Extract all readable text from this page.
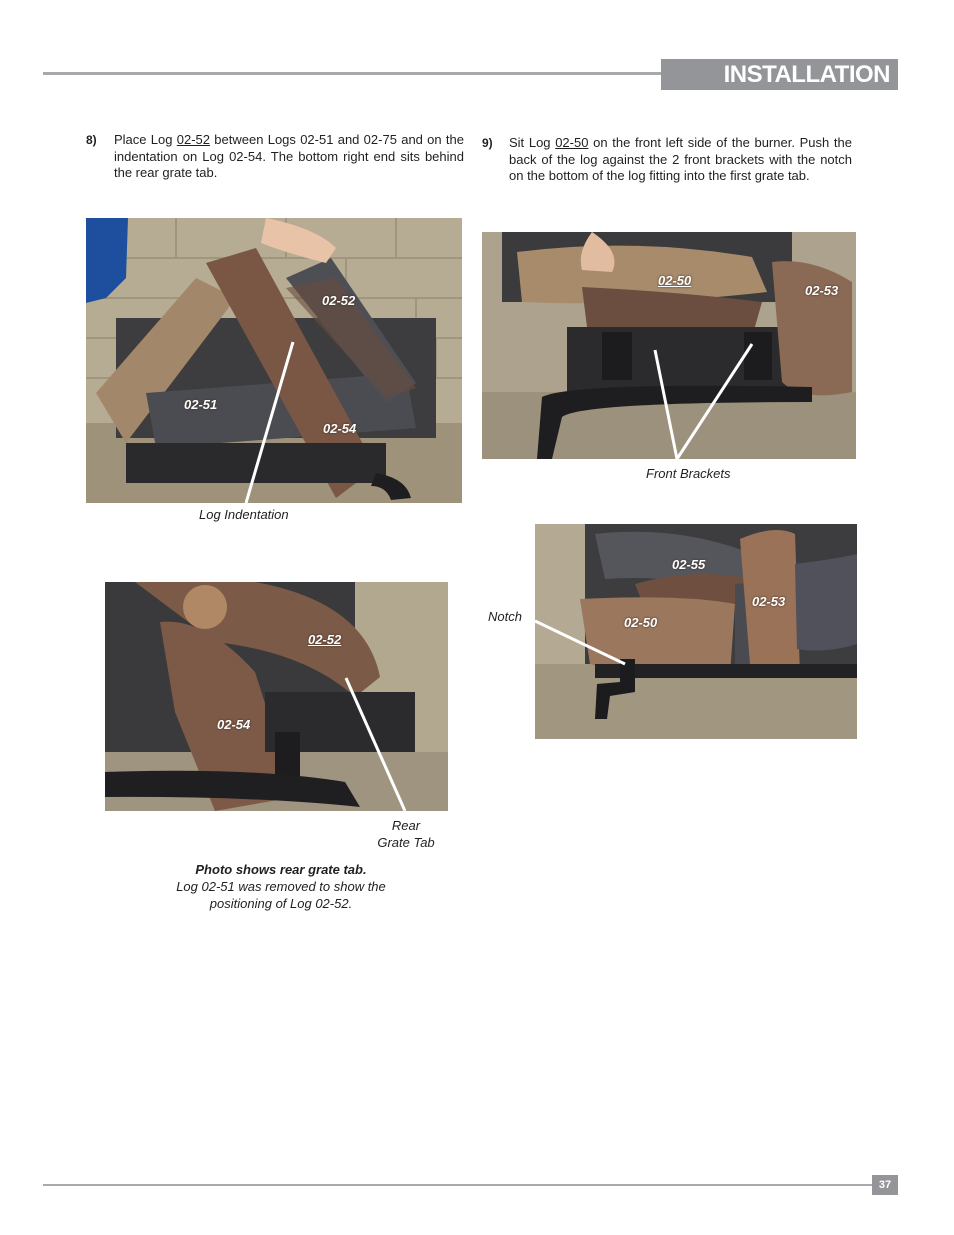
INSTALLATION
8) Place Log 02-52 between Logs 02-51 and 02-75 and on the indentation on Log 02-54. The bottom right end sits behind the rear grate tab.
9) Sit Log 02-50 on the front left side of the burner. Push the back of the log against the 2 front brackets with the notch on the bottom of the log fitting into the first grate tab.
02-52
02-51
02-54
Log Indentation
02-50
02-53
Front Brackets
02-52
02-54
Rear
Grate Tab
Photo shows rear grate tab.
Log 02-51 was removed to show the
positioning of Log 02-52.
02-55
02-53
02-50
Notch
37
